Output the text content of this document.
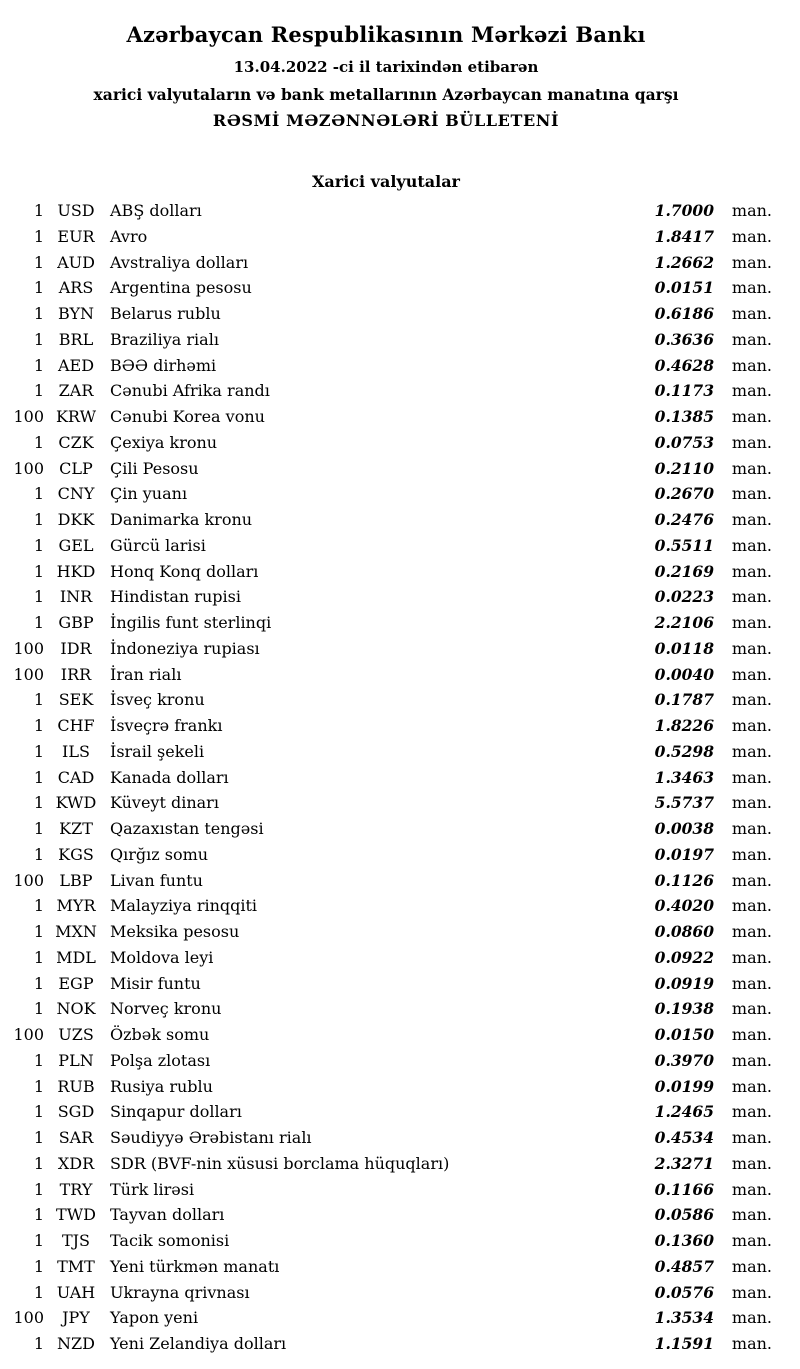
Azərbaycan Respublikasının Mərkəzi Bankı
13.04.2022 -ci il tarixindən etibarən
xarici valyutaların və bank metallarının Azərbaycan manatına qarşı
RƏSMİ MƏZƏNNƏLƏRİ BÜLLETENİ
Xarici valyutalar
1 USD ABŞ dolları	1.7000	man.
1 EUR Avro	1.8417	man.
1 AUD Avstraliya dolları	1.2662	man.
1 ARS	Argentina pesosu	0.0151	man.
1 BYN Belarus rublu	0.6186	man.
1 BRL	Braziliya rialı	0.3636	man.
1 AED BƏƏ dirhəmi	0.4628	man.
1 ZAR	Cənubi Afrika randı	0.1173	man.
100 KRW Cənubi Korea vonu	0.1385	man.
1 CZK	Çexiya kronu	0.0753	man.
100 CLP	Çili Pesosu	0.2110	man.
1 CNY Çin yuanı	0.2670	man.
1 DKK Danimarka kronu	0.2476	man.
1 GEL	Gürcü larisi	0.5511	man.
1 HKD Honq Konq dolları	0.2169	man.
1 INR	Hindistan rupisi	0.0223	man.
1 GBP	İngilis funt sterlinqi	2.2106	man.
100	IDR	İndoneziya rupiası	0.0118	man.
100	IRR	İran rialı	0.0040	man.
1 SEK	İsveç kronu	0.1787	man.
1 CHF İsveçrə frankı	1.8226	man.
1	ILS	İsrail şekeli	0.5298	man.
1 CAD Kanada dolları	1.3463	man.
1 KWD Küveyt dinarı	5.5737	man.
1 KZT	Qazaxıstan tengəsi	0.0038	man.
1 KGS	Qırğız somu	0.0197	man.
100 LBP	Livan funtu	0.1126	man.
1 MYR Malayziya rinqqiti	0.4020	man.
1 MXN Meksika pesosu	0.0860	man.
1 MDL Moldova leyi	0.0922	man.
1 EGP	Misir funtu	0.0919	man.
1 NOK Norveç kronu	0.1938	man.
100 UZS	Özbək somu	0.0150	man.
1 PLN	Polşa zlotası	0.3970	man.
1 RUB Rusiya rublu	0.0199	man.
1 SGD Sinqapur dolları	1.2465	man.
1 SAR	Səudiyyə Ərəbistanı rialı	0.4534	man.
1 XDR SDR (BVF-nin xüsusi borclama hüquqları)	2.3271	man.
1 TRY	Türk lirəsi	0.1166	man.
1 TWD Tayvan dolları	0.0586	man.
1	TJS	Tacik somonisi	0.1360	man.
1 TMT Yeni türkmən manatı	0.4857	man.
1 UAH Ukrayna qrivnası	0.0576	man.
100	JPY	Yapon yeni	1.3534	man.
1 NZD Yeni Zelandiya dolları	1.1591	man.
